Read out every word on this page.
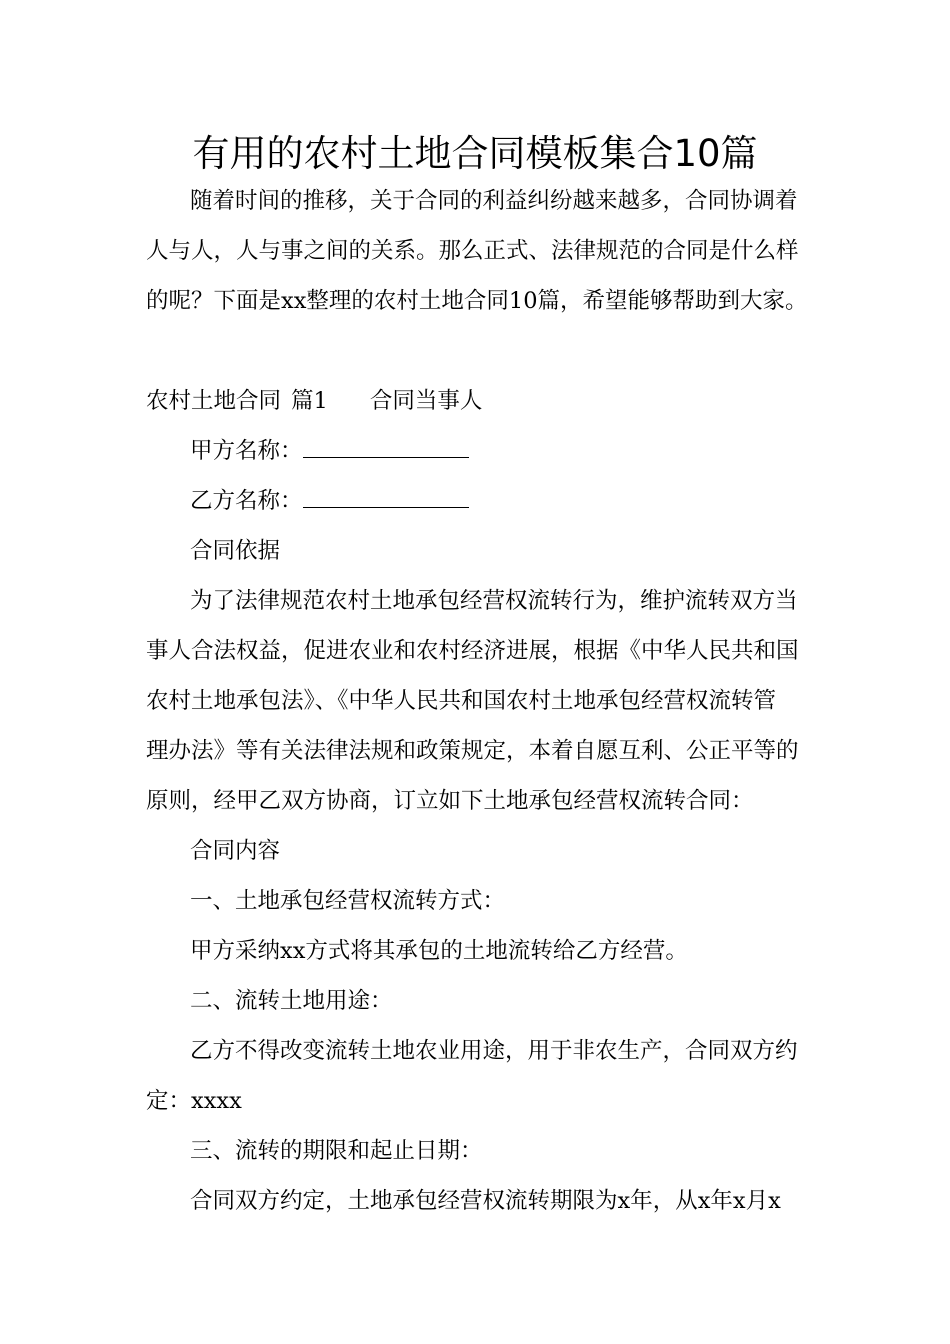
有用的农村土地合同模板集合10篇

随着时间的推移，关于合同的利益纠纷越来越多，合同协调着

人与人，人与事之间的关系。那么正式、法律规范的合同是什么样

的呢？下面是xx整理的农村土地合同10篇，希望能够帮助到大家。

农村土地合同 篇1 合同当事人

甲方名称：

乙方名称：

合同依据

为了法律规范农村土地承包经营权流转行为，维护流转双方当

事人合法权益，促进农业和农村经济进展，根据《中华人民共和国

农村土地承包法》、《中华人民共和国农村土地承包经营权流转管

理办法》等有关法律法规和政策规定，本着自愿互利、公正平等的

原则，经甲乙双方协商，订立如下土地承包经营权流转合同：

合同内容

一、土地承包经营权流转方式：

甲方采纳xx方式将其承包的土地流转给乙方经营。

二、流转土地用途：

乙方不得改变流转土地农业用途，用于非农生产，合同双方约

定：xxxx

三、流转的期限和起止日期：

合同双方约定，土地承包经营权流转期限为x年，从x年x月x
